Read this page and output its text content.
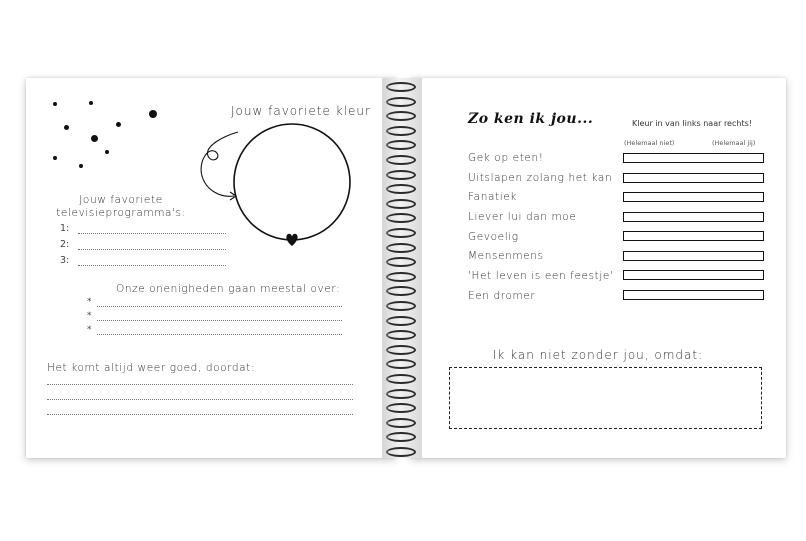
Jouw favoriete kleur
Jouw favoriete televisieprogramma's:
1:
2:
3:
Onze onenigheden gaan meestal over:
*
*
*
Het komt altijd weer goed, doordat:
Zo ken ik jou...	Kleur in van links naar rechts!
(Helemaal niet)	(Helemaal jij)
Gek op eten!
Uitslapen zolang het kan
Fanatiek
Liever lui dan moe
Gevoelig
Mensenmens
'Het leven is een feestje'
Een dromer
Ik kan niet zonder jou, omdat:
